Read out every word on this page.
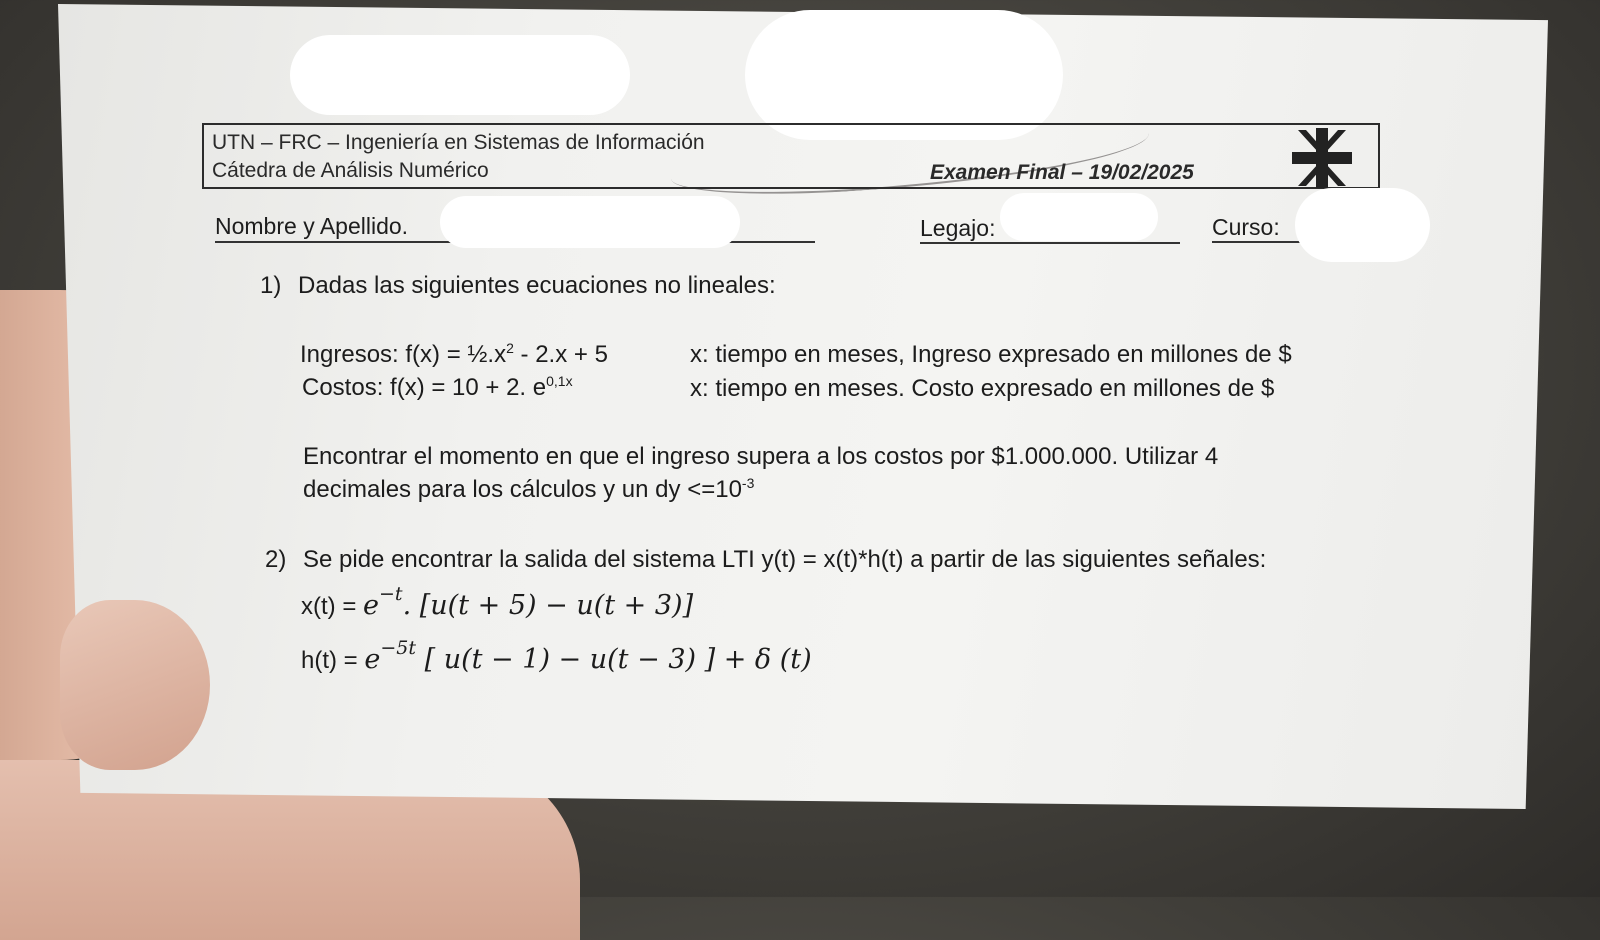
UTN – FRC – Ingeniería en Sistemas de Información
Cátedra de Análisis Numérico	Examen Final – 19/02/2025
Nombre y Apellido.	Legajo:	Curso:
1) Dadas las siguientes ecuaciones no lineales:
Ingresos: $f(x) = \frac{1}{2}.x^2 - 2.x + 5$	x: tiempo en meses, Ingreso expresado en millones de $
Costos: f(x) = 10 + 2. $e^{0,1x}$	x: tiempo en meses. Costo expresado en millones de $
Encontrar el momento en que el ingreso supera a los costos por $1.000.000. Utilizar 4
decimales para los cálculos y un dy $<=10^{-3}$
2) Se pide encontrar la salida del sistema LTI y(t) = x(t)*h(t) a partir de las siguientes señales:
$x(t) = e^{-t}$. [u(t + 5) − u(t + 3)]
$h(t) = e^{-5t}$ [ u(t − 1) − u(t − 3) ] + δ (t)
